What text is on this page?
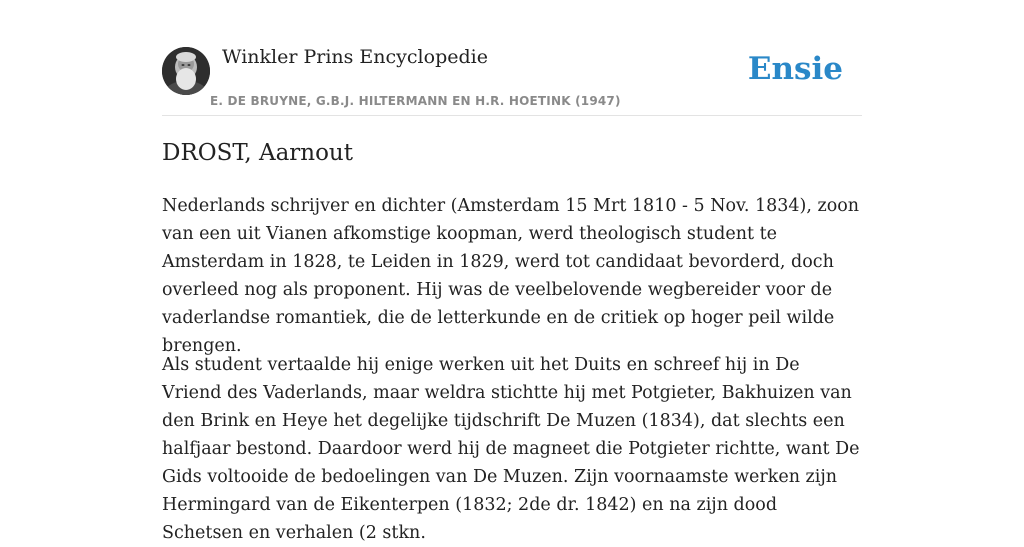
Winkler Prins Encyclopedie
E. DE BRUYNE, G.B.J. HILTERMANN EN H.R. HOETINK (1947)
Ensie
DROST, Aarnout

Nederlands schrijver en dichter (Amsterdam 15 Mrt 1810 - 5 Nov. 1834), zoon van een uit Vianen afkomstige koopman, werd theologisch student te Amsterdam in 1828, te Leiden in 1829, werd tot candidaat bevorderd, doch overleed nog als proponent. Hij was de veelbelovende wegbereider voor de vaderlandse romantiek, die de letterkunde en de critiek op hoger peil wilde brengen.

Als student vertaalde hij enige werken uit het Duits en schreef hij in De Vriend des Vaderlands, maar weldra stichtte hij met Potgieter, Bakhuizen van den Brink en Heye het degelijke tijdschrift De Muzen (1834), dat slechts een halfjaar bestond. Daardoor werd hij de magneet die Potgieter richtte, want De Gids voltooide de bedoelingen van De Muzen. Zijn voornaamste werken zijn Hermingard van de Eikenterpen (1832; 2de dr. 1842) en na zijn dood Schetsen en verhalen (2 stkn.
